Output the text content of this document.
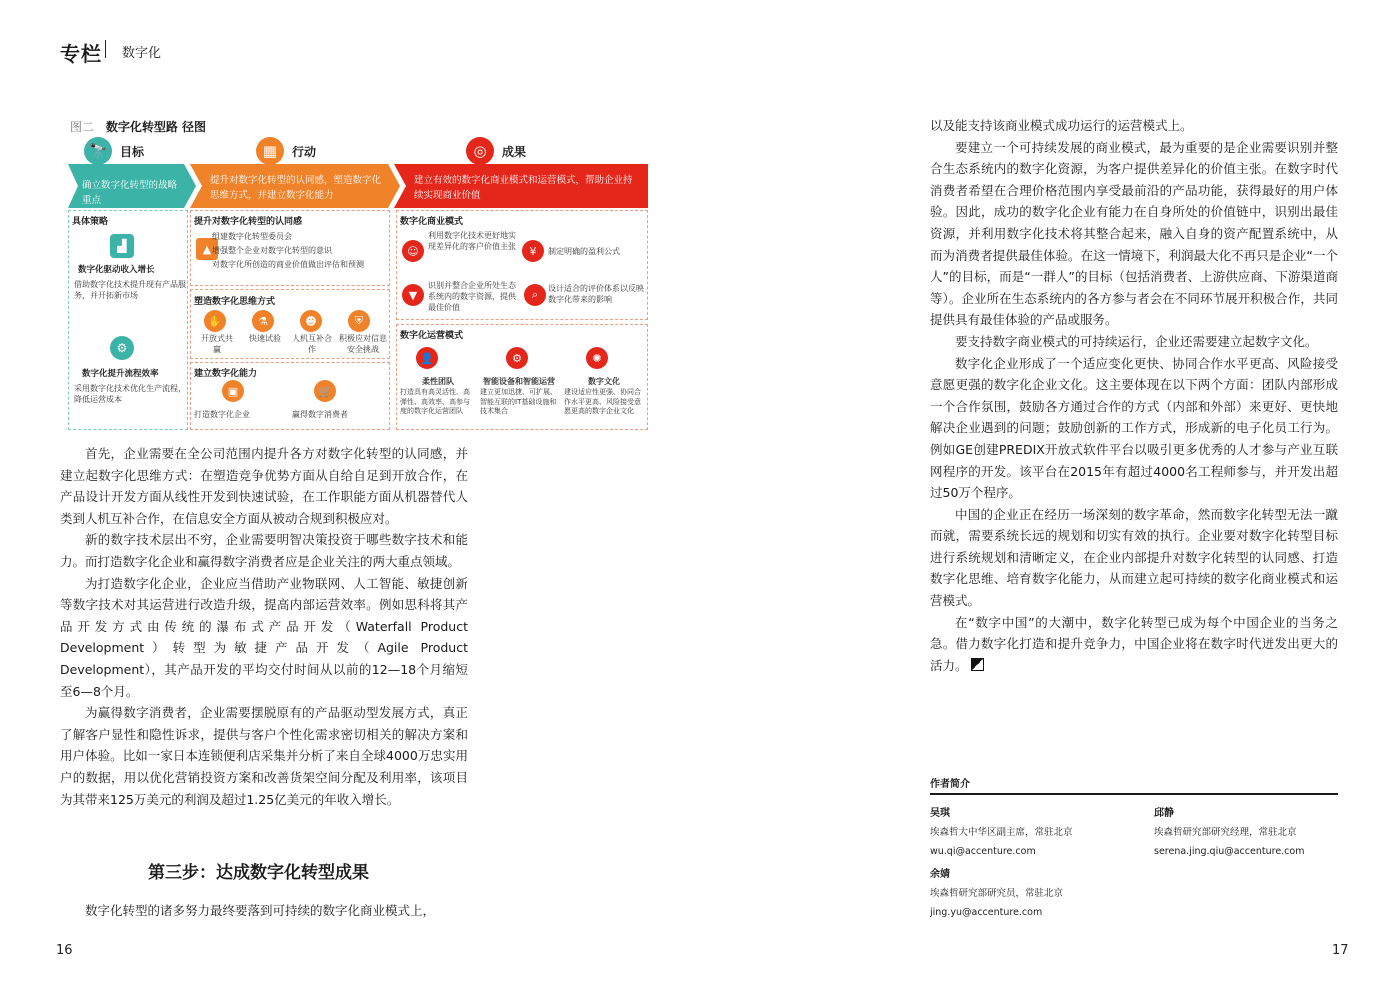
专栏 数字化
图二 数字化转型路 径图
🔭	目标	▦	行动	◎	成果
确立数字化转型的战略重点
提升对数字化转型的认同感，塑造数字化思维方式，并建立数字化能力
建立有效的数字化商业模式和运营模式，帮助企业持续实现商业价值
具体策略
▟
数字化驱动收入增长
借助数字化技术提升现有产品服务，并开拓新市场
⚙
数字化提升流程效率
采用数字化技术优化生产流程，降低运营成本
提升对数字化转型的认同感
▲
组建数字化转型委员会
增强整个企业对数字化转型的意识
对数字化所创造的商业价值做出评估和预测
塑造数字化思维方式
✋	⚗	☻	⛨
开放式共赢
快速试验	人机互补合作
积极应对信息安全挑战
建立数字化能力
▣	🛒
打造数字化企业	赢得数字消费者
数字化商业模式
☺
利用数字化技术更好地实现差异化的客户价值主张	¥	制定明确的盈利公式
▼
识别并整合企业所处生态系统内的数字资源，提供最佳价值
⌕	设计适合的评价体系以反映数字化带来的影响
数字化运营模式
👤	⚙	✺
柔性团队	智能设备和智能运营	数字文化
打造具有高灵活性、高弹性、高效率、高参与度的数字化运营团队
建立更加迅捷、可扩展、智能互联的IT基础设施和技术集合
建设适应性更强、协同合作水平更高、风险接受意愿更高的数字企业文化

首先，企业需要在全公司范围内提升各方对数字化转型的认同感，并建立起数字化思维方式：在塑造竞争优势方面从自给自足到开放合作，在产品设计开发方面从线性开发到快速试验，在工作职能方面从机器替代人类到人机互补合作，在信息安全方面从被动合规到积极应对。

新的数字技术层出不穷，企业需要明智决策投资于哪些数字技术和能力。而打造数字化企业和赢得数字消费者应是企业关注的两大重点领域。

为打造数字化企业，企业应当借助产业物联网、人工智能、敏捷创新等数字技术对其运营进行改造升级，提高内部运营效率。例如思科将其产品开发方式由传统的瀑布式产品开发（Waterfall Product Development）转型为敏捷产品开发（Agile Product Development），其产品开发的平均交付时间从以前的12—18个月缩短至6—8个月。

为赢得数字消费者，企业需要摆脱原有的产品驱动型发展方式，真正了解客户显性和隐性诉求，提供与客户个性化需求密切相关的解决方案和用户体验。比如一家日本连锁便利店采集并分析了来自全球4000万忠实用户的数据，用以优化营销投资方案和改善货架空间分配及利用率，该项目为其带来125万美元的利润及超过1.25亿美元的年收入增长。

第三步：达成数字化转型成果

数字化转型的诸多努力最终要落到可持续的数字化商业模式上，

以及能支持该商业模式成功运行的运营模式上。

要建立一个可持续发展的商业模式，最为重要的是企业需要识别并整合生态系统内的数字化资源，为客户提供差异化的价值主张。在数字时代消费者希望在合理价格范围内享受最前沿的产品功能，获得最好的用户体验。因此，成功的数字化企业有能力在自身所处的价值链中，识别出最佳资源，并利用数字化技术将其整合起来，融入自身的资产配置系统中，从而为消费者提供最佳体验。在这一情境下，利润最大化不再只是企业“一个人”的目标，而是“一群人”的目标（包括消费者、上游供应商、下游渠道商等）。企业所在生态系统内的各方参与者会在不同环节展开积极合作，共同提供具有最佳体验的产品或服务。

要支持数字商业模式的可持续运行，企业还需要建立起数字文化。

数字化企业形成了一个适应变化更快、协同合作水平更高、风险接受意愿更强的数字化企业文化。这主要体现在以下两个方面：团队内部形成一个合作氛围，鼓励各方通过合作的方式（内部和外部）来更好、更快地解决企业遇到的问题；鼓励创新的工作方式，形成新的电子化员工行为。例如GE创建PREDIX开放式软件平台以吸引更多优秀的人才参与产业互联网程序的开发。该平台在2015年有超过4000名工程师参与，并开发出超过50万个程序。

中国的企业正在经历一场深刻的数字革命，然而数字化转型无法一蹴而就，需要系统长远的规划和切实有效的执行。企业要对数字化转型目标进行系统规划和清晰定义，在企业内部提升对数字化转型的认同感、打造数字化思维、培育数字化能力，从而建立起可持续的数字化商业模式和运营模式。

在“数字中国”的大潮中，数字化转型已成为每个中国企业的当务之急。借力数字化打造和提升竞争力，中国企业将在数字时代迸发出更大的活力。

作者简介
吴琪
埃森哲大中华区副主席，常驻北京
wu.qi@accenture.com
邱静
埃森哲研究部研究经理，常驻北京
serena.jing.qiu@accenture.com
余婧
埃森哲研究部研究员，常驻北京
jing.yu@accenture.com
16	17
